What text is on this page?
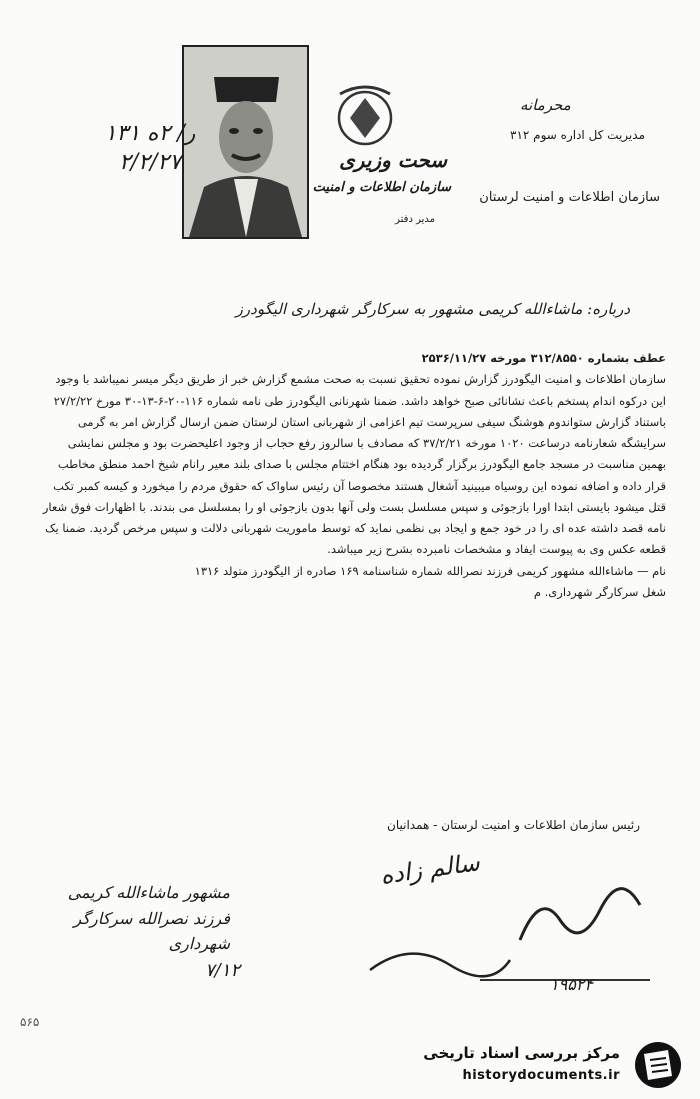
محرمانه
مدیریت کل اداره سوم ۳۱۲
سازمان اطلاعات و امنیت لرستان
سحت وزیری
سازمان اطلاعات و امنیت
مدیر دفتر
۱۳۱ ر/ ۲ه
۲/۲/۲۷
درباره: ماشاءالله کریمی مشهور به سرکارگر شهرداری الیگودرز

عطف بشماره ۳۱۲/۸۵۵۰ مورخه ۲۵۳۶/۱۱/۲۷

سازمان اطلاعات و امنیت الیگودرز گزارش نموده تحقیق نسبت به صحت مشمع گزارش خبر از طریق دیگر میسر نمیباشد با وجود این درکوه اندام پستخم باعث نشانائی صبح خواهد داشد. ضمنا شهرنانی الیگودرز طی نامه شماره ۱۱۶-۲۰-۶-۱۳-۳۰ مورخ ۲۷/۲/۲۲ باستناد گزارش ستواندوم هوشنگ سیفی سرپرست تیم اعزامی از شهربانی استان لرستان ضمن ارسال گزارش امر به گرمی سرایشگه شعارنامه درساعت ۱۰۲۰ مورخه ۳۷/۲/۲۱ که مصادف با سالروز رفع حجاب از وجود اعلیحضرت بود و مجلس نمایشی بهمین مناسبت در مسجد جامع الیگودرز برگزار گردیده بود هنگام اختتام مجلس با صدای بلند معیر رانام شیخ احمد منطق مخاطب قرار داده و اضافه نموده این روسیاه میبینید آشغال هستند مخصوصا آن رئیس ساواک که حقوق مردم را میخورد و کیسه کمبر تکب قتل میشود بایستی ابتدا اورا بازجوئی و سپس مسلسل بست ولی آنها بدون بازجوئی او را بمسلسل می بندند. با اظهارات فوق شعار نامه قصد داشته عده ای را در خود جمع و ایجاد بی نظمی نماید که توسط ماموریت شهربانی دلالت و سپس مرخص گردید. ضمنا یک قطعه عکس وی به پیوست ایفاد و مشخصات نامبرده بشرح زیر میباشد.

نام — ماشاءالله مشهور کریمی فرزند نصرالله شماره شناسنامه ۱۶۹ صادره از الیگودرز متولد ۱۳۱۶

شغل سرکارگر شهرداری. م

رئیس سازمان اطلاعات و امنیت لرستان - همدانیان
سالم زاده
مشهور ماشاءالله کریمی
فرزند نصرالله سرکارگر شهرداری
۷/۱۲
۱۹۵۲۴
۵۶۵
مرکز بررسی اسناد تاریخی
historydocuments.ir
